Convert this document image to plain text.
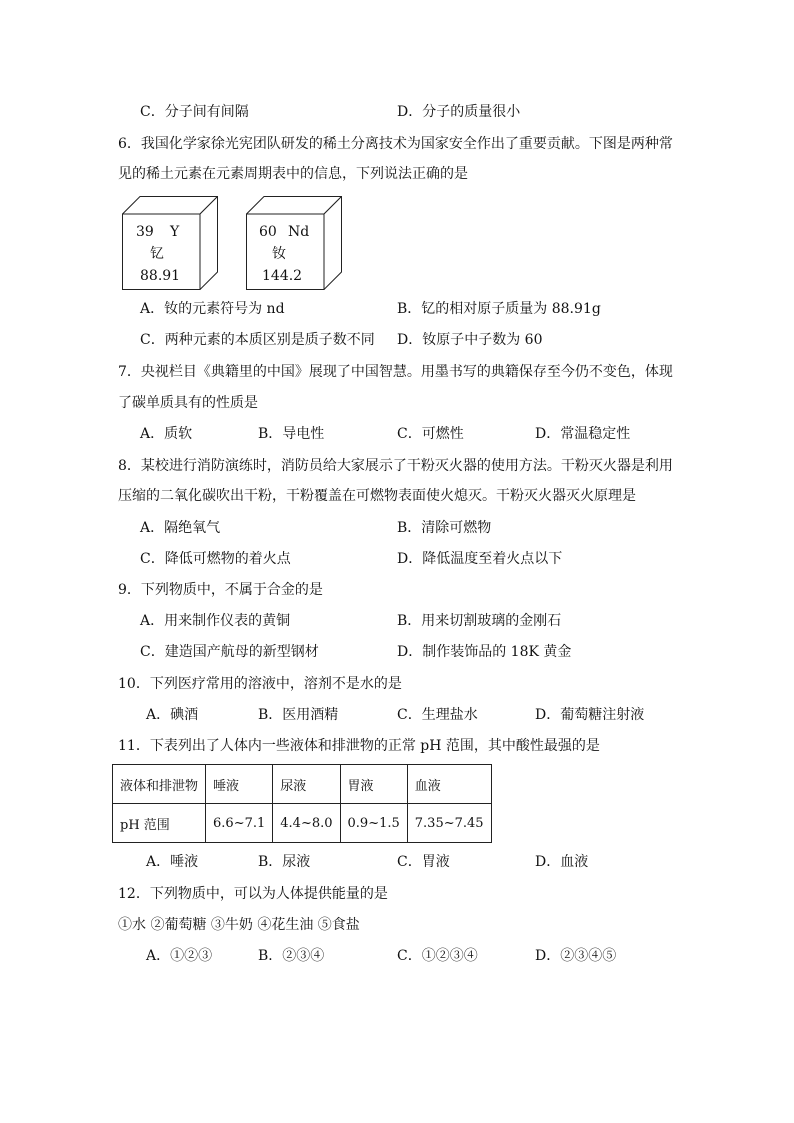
C．分子间有间隔	D．分子的质量很小
6．我国化学家徐光宪团队研发的稀土分离技术为国家安全作出了重要贡献。下图是两种常
见的稀土元素在元素周期表中的信息，下列说法正确的是
39 Y
钇
88.91
60 Nd
钕
144.2
A．钕的元素符号为 nd	B．钇的相对原子质量为 88.91g
C．两种元素的本质区别是质子数不同 D．钕原子中子数为 60
7．央视栏目《典籍里的中国》展现了中国智慧。用墨书写的典籍保存至今仍不变色，体现
了碳单质具有的性质是
A．质软	B．导电性	C．可燃性	D．常温稳定性
8．某校进行消防演练时，消防员给大家展示了干粉灭火器的使用方法。干粉灭火器是利用
压缩的二氧化碳吹出干粉，干粉覆盖在可燃物表面使火熄灭。干粉灭火器灭火原理是
A．隔绝氧气	B．清除可燃物
C．降低可燃物的着火点	D．降低温度至着火点以下
9．下列物质中，不属于合金的是
A．用来制作仪表的黄铜	B．用来切割玻璃的金刚石
C．建造国产航母的新型钢材	D．制作装饰品的 18K 黄金
10．下列医疗常用的溶液中，溶剂不是水的是
A．碘酒	B．医用酒精	C．生理盐水	D．葡萄糖注射液
11．下表列出了人体内一些液体和排泄物的正常 pH 范围，其中酸性最强的是
液体和排泄物	唾液	尿液	胃液	血液
pH 范围	6.6~7.1	4.4~8.0	0.9~1.5	7.35~7.45
A．唾液	B．尿液	C．胃液	D．血液
12．下列物质中，可以为人体提供能量的是
①水 ②葡萄糖 ③牛奶 ④花生油 ⑤食盐
A．①②③	B．②③④	C．①②③④	D．②③④⑤
